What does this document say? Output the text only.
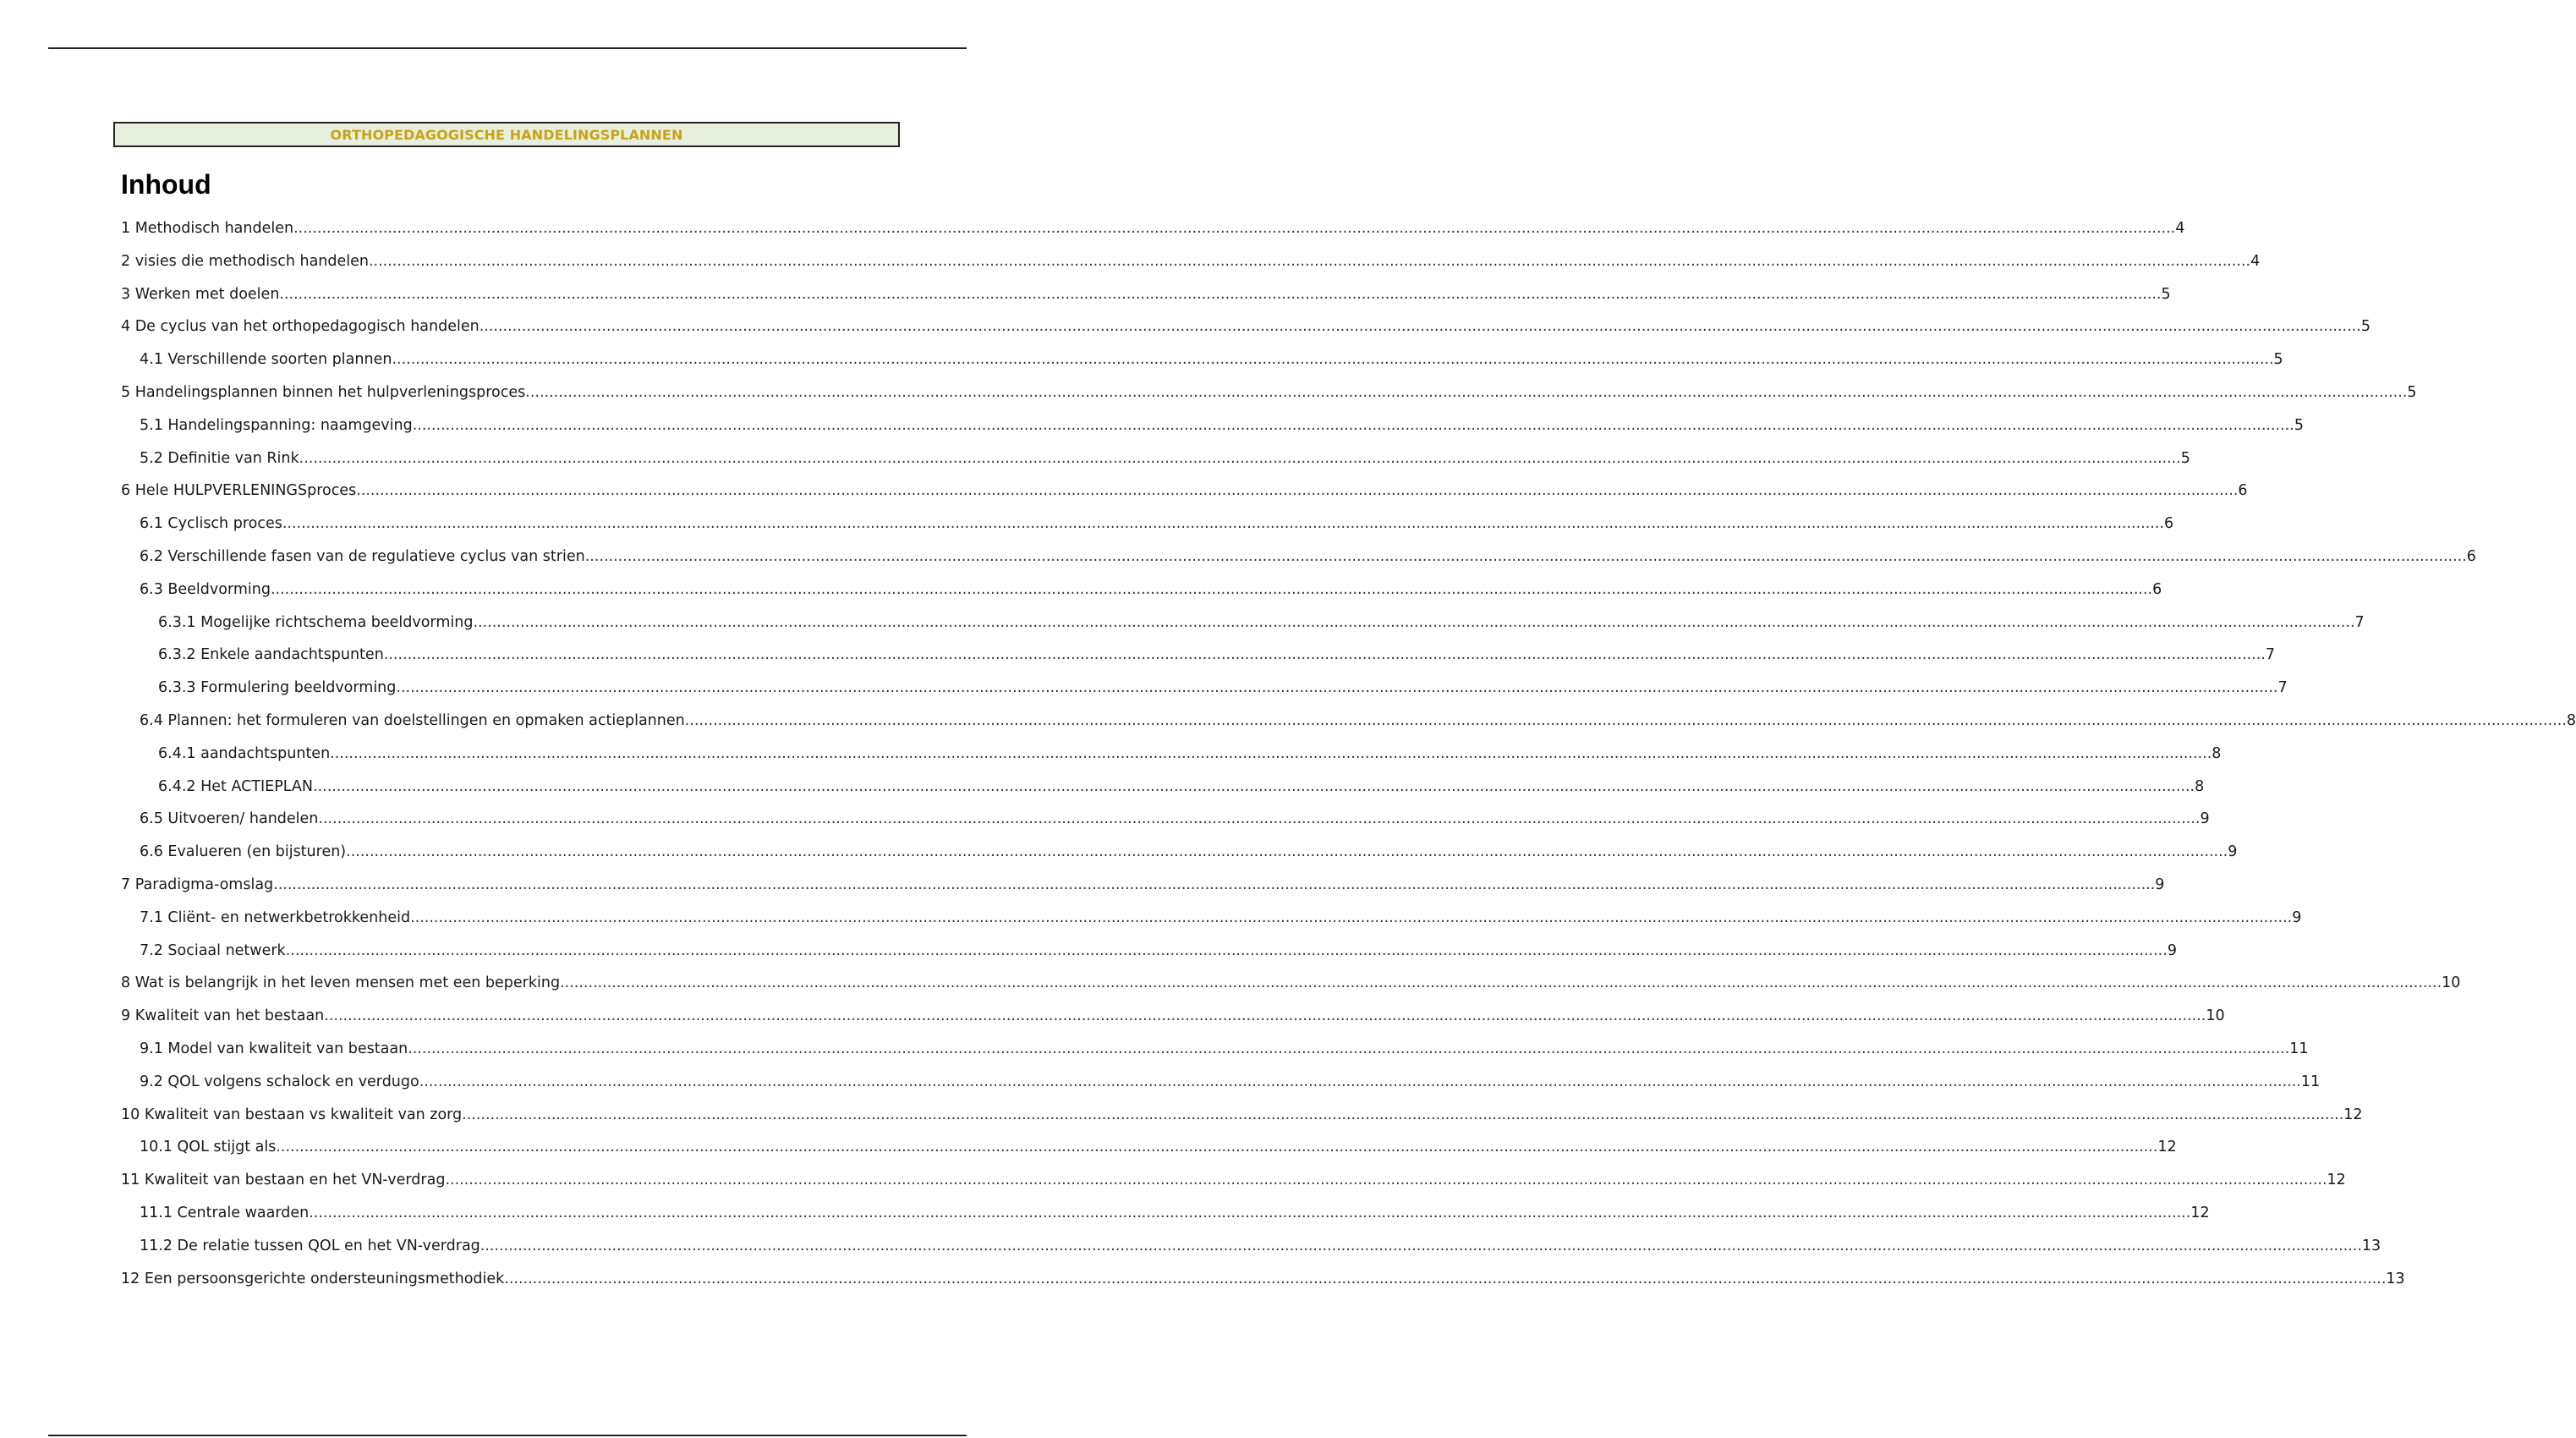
ORTHOPEDAGOGISCHE HANDELINGSPLANNEN
Inhoud
1 Methodisch handelen ................................................................................................................................................................................................................................................................................................................................................................................................................ 4
2 visies die methodisch handelen ................................................................................................................................................................................................................................................................................................................................................................................................................ 4
3 Werken met doelen ................................................................................................................................................................................................................................................................................................................................................................................................................ 5
4 De cyclus van het orthopedagogisch handelen ................................................................................................................................................................................................................................................................................................................................................................................................................ 5
4.1 Verschillende soorten plannen ................................................................................................................................................................................................................................................................................................................................................................................................................ 5
5 Handelingsplannen binnen het hulpverleningsproces ................................................................................................................................................................................................................................................................................................................................................................................................................ 5
5.1 Handelingspanning: naamgeving ................................................................................................................................................................................................................................................................................................................................................................................................................ 5
5.2 Definitie van Rink ................................................................................................................................................................................................................................................................................................................................................................................................................ 5
6 Hele HULPVERLENINGSproces ................................................................................................................................................................................................................................................................................................................................................................................................................ 6
6.1 Cyclisch proces ................................................................................................................................................................................................................................................................................................................................................................................................................ 6
6.2 Verschillende fasen van de regulatieve cyclus van strien ................................................................................................................................................................................................................................................................................................................................................................................................................ 6
6.3 Beeldvorming ................................................................................................................................................................................................................................................................................................................................................................................................................ 6
6.3.1 Mogelijke richtschema beeldvorming ................................................................................................................................................................................................................................................................................................................................................................................................................ 7
6.3.2 Enkele aandachtspunten ................................................................................................................................................................................................................................................................................................................................................................................................................ 7
6.3.3 Formulering beeldvorming ................................................................................................................................................................................................................................................................................................................................................................................................................ 7
6.4 Plannen: het formuleren van doelstellingen en opmaken actieplannen ................................................................................................................................................................................................................................................................................................................................................................................................................ 8
6.4.1 aandachtspunten ................................................................................................................................................................................................................................................................................................................................................................................................................ 8
6.4.2 Het ACTIEPLAN ................................................................................................................................................................................................................................................................................................................................................................................................................ 8
6.5 Uitvoeren/ handelen ................................................................................................................................................................................................................................................................................................................................................................................................................ 9
6.6 Evalueren (en bijsturen) ................................................................................................................................................................................................................................................................................................................................................................................................................ 9
7 Paradigma-omslag ................................................................................................................................................................................................................................................................................................................................................................................................................ 9
7.1 Cliënt- en netwerkbetrokkenheid ................................................................................................................................................................................................................................................................................................................................................................................................................ 9
7.2 Sociaal netwerk ................................................................................................................................................................................................................................................................................................................................................................................................................ 9
8 Wat is belangrijk in het leven mensen met een beperking ................................................................................................................................................................................................................................................................................................................................................................................................................ 10
9 Kwaliteit van het bestaan ................................................................................................................................................................................................................................................................................................................................................................................................................ 10
9.1 Model van kwaliteit van bestaan ................................................................................................................................................................................................................................................................................................................................................................................................................ 11
9.2 QOL volgens schalock en verdugo ................................................................................................................................................................................................................................................................................................................................................................................................................ 11
10 Kwaliteit van bestaan vs kwaliteit van zorg ................................................................................................................................................................................................................................................................................................................................................................................................................ 12
10.1 QOL stijgt als ................................................................................................................................................................................................................................................................................................................................................................................................................ 12
11 Kwaliteit van bestaan en het VN-verdrag ................................................................................................................................................................................................................................................................................................................................................................................................................ 12
11.1 Centrale waarden ................................................................................................................................................................................................................................................................................................................................................................................................................ 12
11.2 De relatie tussen QOL en het VN-verdrag ................................................................................................................................................................................................................................................................................................................................................................................................................ 13
12 Een persoonsgerichte ondersteuningsmethodiek ................................................................................................................................................................................................................................................................................................................................................................................................................ 13
